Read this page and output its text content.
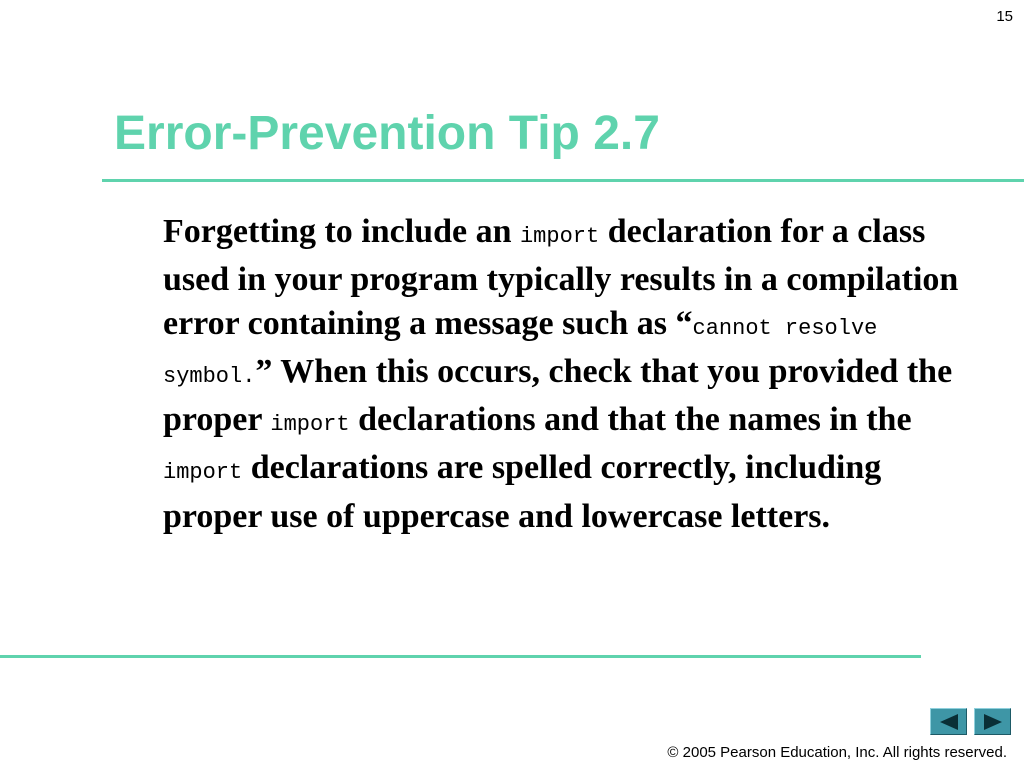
15
Error-Prevention Tip 2.7

Forgetting to include an import declaration for a class used in your program typically results in a compilation error containing a message such as “cannot resolve symbol.” When this occurs, check that you provided the proper import declarations and that the names in the import declarations are spelled correctly, including proper use of uppercase and lowercase letters.

© 2005 Pearson Education, Inc. All rights reserved.
